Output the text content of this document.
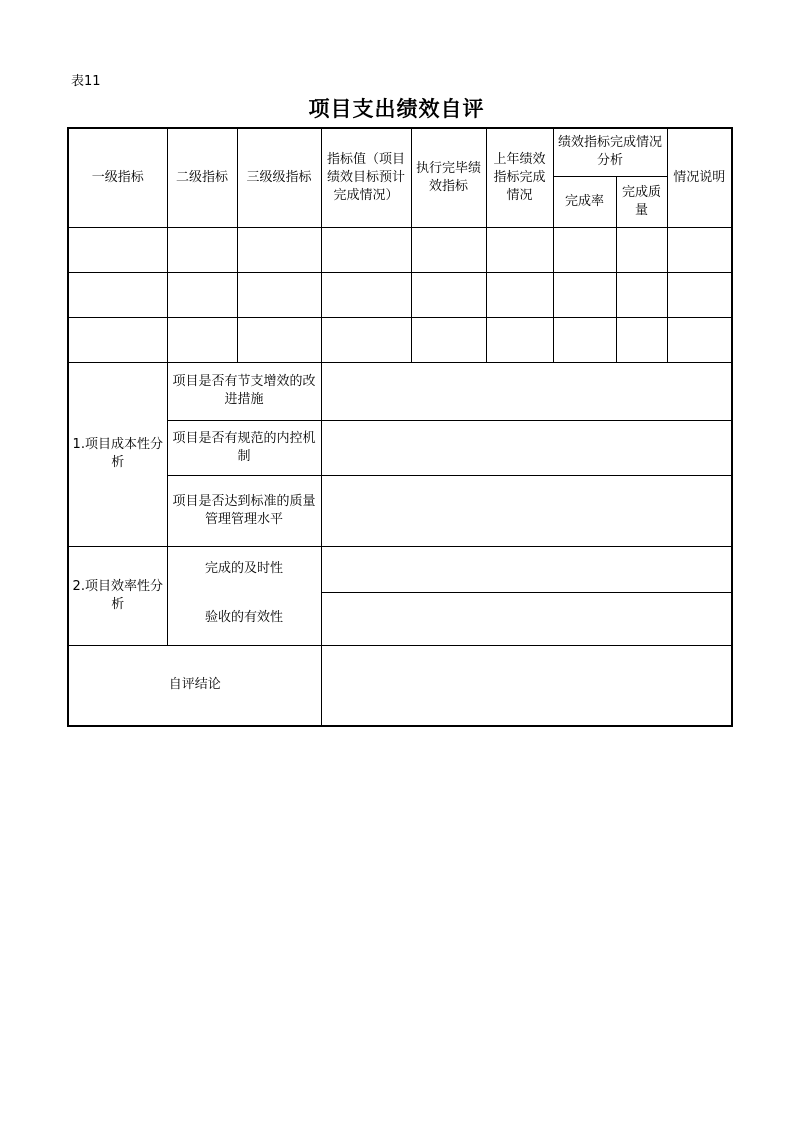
表11
项目支出绩效自评
一级指标	二级指标	三级级指标	指标值（项目绩效目标预计完成情况）	执行完毕绩效指标	上年绩效指标完成情况	绩效指标完成情况分析		情况说明
						完成率	完成质量	

1.项目成本性分析	项目是否有节支增效的改进措施							
	项目是否有规范的内控机制							
	项目是否达到标准的质量管理管理水平							
2.项目效率性分析	完成的及时性							
	验收的有效性							
自评结论								
